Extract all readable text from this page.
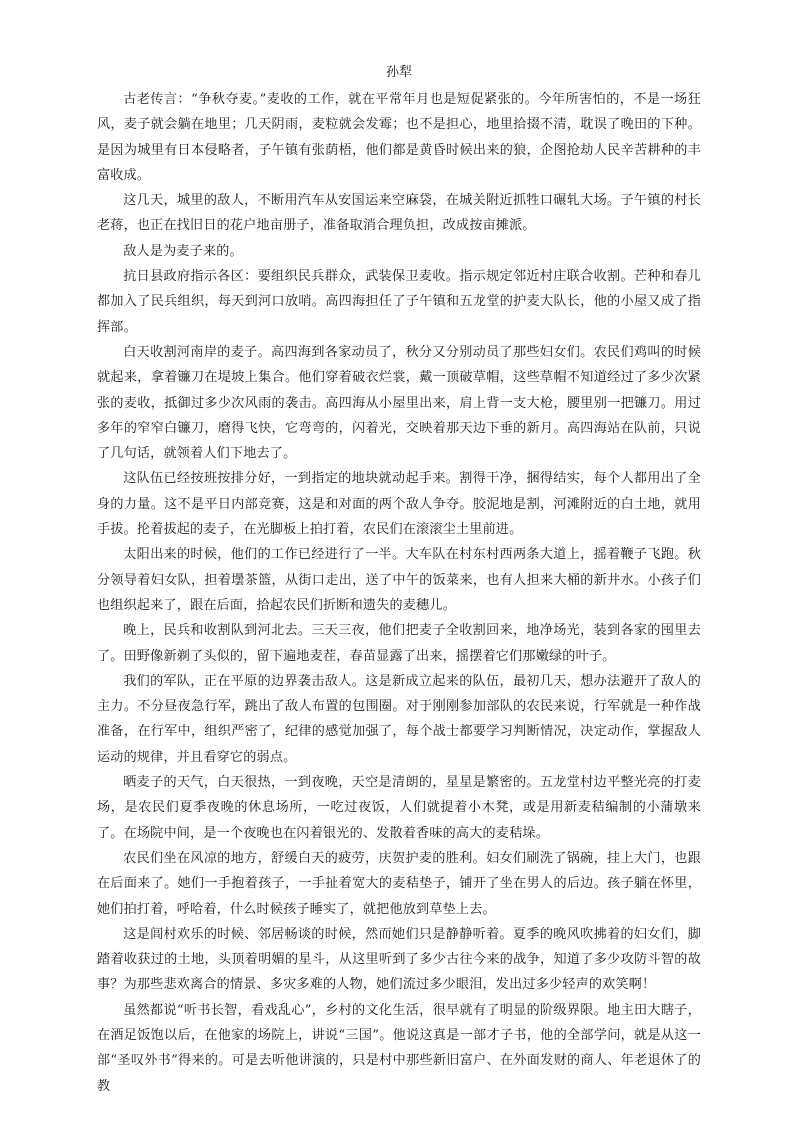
孙犁

古老传言：“争秋夺麦。”麦收的工作，就在平常年月也是短促紧张的。今年所害怕的，不是一场狂风，麦子就会躺在地里；几天阴雨，麦粒就会发霉；也不是担心，地里拾掇不清，耽误了晚田的下种。是因为城里有日本侵略者，子午镇有张荫梧，他们都是黄昏时候出来的狼，企图抢劫人民辛苦耕种的丰富收成。

这几天，城里的敌人，不断用汽车从安国运来空麻袋，在城关附近抓牲口碾轧大场。子午镇的村长老蒋，也正在找旧日的花户地亩册子，准备取消合理负担，改成按亩摊派。

敌人是为麦子来的。

抗日县政府指示各区：要组织民兵群众，武装保卫麦收。指示规定邻近村庄联合收割。芒种和春儿都加入了民兵组织，每天到河口放哨。高四海担任了子午镇和五龙堂的护麦大队长，他的小屋又成了指挥部。

白天收割河南岸的麦子。高四海到各家动员了，秋分又分别动员了那些妇女们。农民们鸡叫的时候就起来，拿着镰刀在堤坡上集合。他们穿着破衣烂裳，戴一顶破草帽，这些草帽不知道经过了多少次紧张的麦收，抵御过多少次风雨的袭击。高四海从小屋里出来，肩上背一支大枪，腰里别一把镰刀。用过多年的窄窄白镰刀，磨得飞快，它弯弯的，闪着光，交映着那天边下垂的新月。高四海站在队前，只说了几句话，就领着人们下地去了。

这队伍已经按班按排分好，一到指定的地块就动起手来。割得干净，捆得结实，每个人都用出了全身的力量。这不是平日内部竞赛，这是和对面的两个敌人争夺。胶泥地是割，河滩附近的白土地，就用手拔。抡着拔起的麦子，在光脚板上拍打着，农民们在滚滚尘土里前进。

太阳出来的时候，他们的工作已经进行了一半。大车队在村东村西两条大道上，摇着鞭子飞跑。秋分领导着妇女队，担着壜茶篮，从街口走出，送了中午的饭菜来，也有人担来大桶的新井水。小孩子们也组织起来了，跟在后面，拾起农民们折断和遗失的麦穗儿。

晚上，民兵和收割队到河北去。三天三夜，他们把麦子全收割回来，地净场光，装到各家的囤里去了。田野像新剃了头似的，留下遍地麦茬，春苗显露了出来，摇摆着它们那嫩绿的叶子。

我们的军队，正在平原的边界袭击敌人。这是新成立起来的队伍，最初几天，想办法避开了敌人的主力。不分昼夜急行军，跳出了敌人布置的包围圈。对于刚刚参加部队的农民来说，行军就是一种作战准备，在行军中，组织严密了，纪律的感觉加强了，每个战士都要学习判断情况，决定动作，掌握敌人运动的规律，并且看穿它的弱点。

晒麦子的天气，白天很热，一到夜晚，天空是清朗的，星星是繁密的。五龙堂村边平整光亮的打麦场，是农民们夏季夜晚的休息场所，一吃过夜饭，人们就提着小木凳，或是用新麦秸编制的小蒲墩来了。在场院中间，是一个夜晚也在闪着银光的、发散着香味的高大的麦秸垛。

农民们坐在风凉的地方，舒缓白天的疲劳，庆贺护麦的胜利。妇女们刷洗了锅碗，挂上大门，也跟在后面来了。她们一手抱着孩子，一手扯着宽大的麦秸垫子，铺开了坐在男人的后边。孩子躺在怀里，她们拍打着，呼哈着，什么时候孩子睡实了，就把他放到草垫上去。

这是闾村欢乐的时候、邻居畅谈的时候，然而她们只是静静听着。夏季的晚风吹拂着的妇女们，脚踏着收获过的土地，头顶着明媚的星斗，从这里听到了多少古往今来的战争，知道了多少攻防斗智的故事？为那些悲欢离合的情景、多灾多难的人物，她们流过多少眼泪，发出过多少轻声的欢笑啊！

虽然都说“听书长智，看戏乱心”，乡村的文化生活，很早就有了明显的阶级界限。地主田大瞎子，在酒足饭饱以后，在他家的场院上，讲说“三国”。他说这真是一部才子书，他的全部学问，就是从这一部“圣叹外书”得来的。可是去听他讲演的，只是村中那些新旧富户、在外面发财的商人、年老退休了的教
